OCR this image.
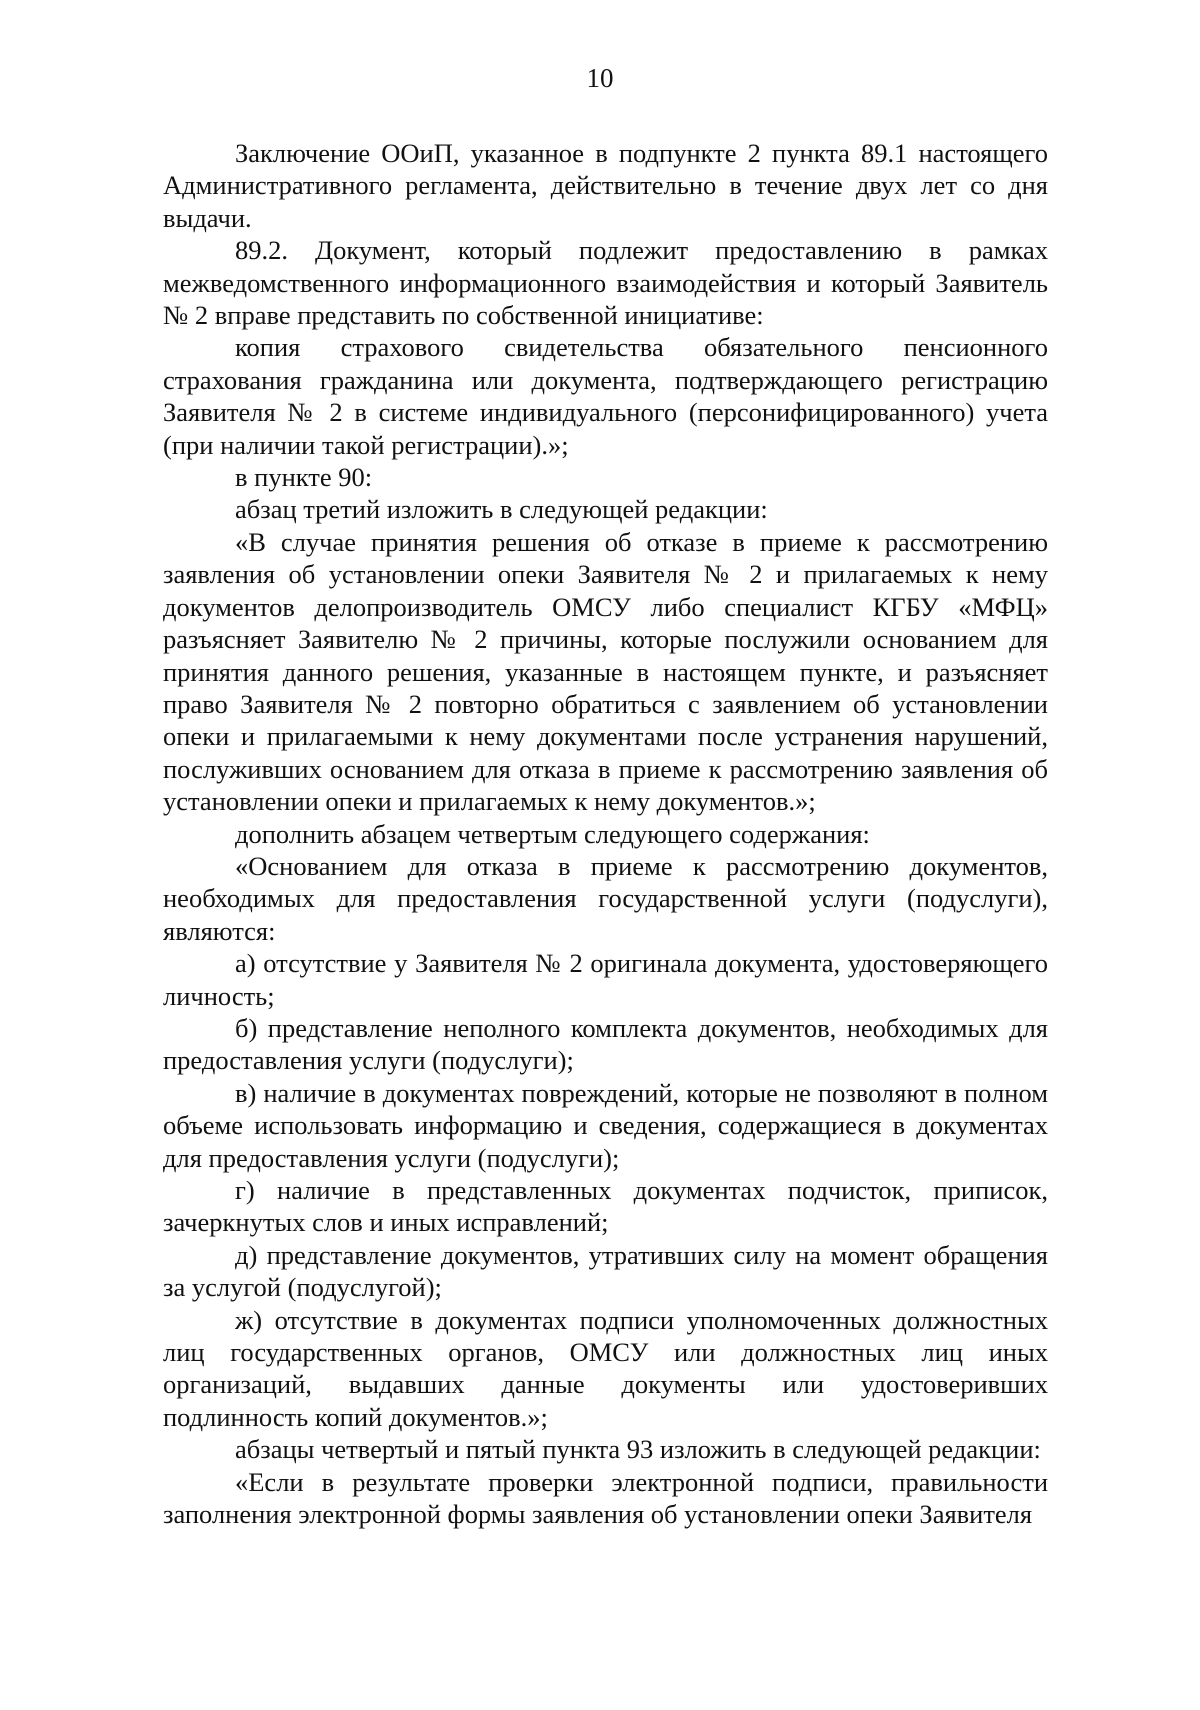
10

Заключение ООиП, указанное в подпункте 2 пункта 89.1 настоящего Административного регламента, действительно в течение двух лет со дня выдачи.

89.2. Документ, который подлежит предоставлению в рамках межведомственного информационного взаимодействия и который Заявитель № 2 вправе представить по собственной инициативе:

копия страхового свидетельства обязательного пенсионного страхования гражданина или документа, подтверждающего регистрацию Заявителя № 2 в системе индивидуального (персонифицированного) учета (при наличии такой регистрации).»;

в пункте 90:

абзац третий изложить в следующей редакции:

«В случае принятия решения об отказе в приеме к рассмотрению заявления об установлении опеки Заявителя № 2 и прилагаемых к нему документов делопроизводитель ОМСУ либо специалист КГБУ «МФЦ» разъясняет Заявителю № 2 причины, которые послужили основанием для принятия данного решения, указанные в настоящем пункте, и разъясняет право Заявителя № 2 повторно обратиться с заявлением об установлении опеки и прилагаемыми к нему документами после устранения нарушений, послуживших основанием для отказа в приеме к рассмотрению заявления об установлении опеки и прилагаемых к нему документов.»;

дополнить абзацем четвертым следующего содержания:

«Основанием для отказа в приеме к рассмотрению документов, необходимых для предоставления государственной услуги (подуслуги), являются:

а) отсутствие у Заявителя № 2 оригинала документа, удостоверяющего личность;

б) представление неполного комплекта документов, необходимых для предоставления услуги (подуслуги);

в) наличие в документах повреждений, которые не позволяют в полном объеме использовать информацию и сведения, содержащиеся в документах для предоставления услуги (подуслуги);

г) наличие в представленных документах подчисток, приписок, зачеркнутых слов и иных исправлений;

д) представление документов, утративших силу на момент обращения за услугой (подуслугой);

ж) отсутствие в документах подписи уполномоченных должностных лиц государственных органов, ОМСУ или должностных лиц иных организаций, выдавших данные документы или удостоверивших подлинность копий документов.»;

абзацы четвертый и пятый пункта 93 изложить в следующей редакции:

«Если в результате проверки электронной подписи, правильности заполнения электронной формы заявления об установлении опеки Заявителя
